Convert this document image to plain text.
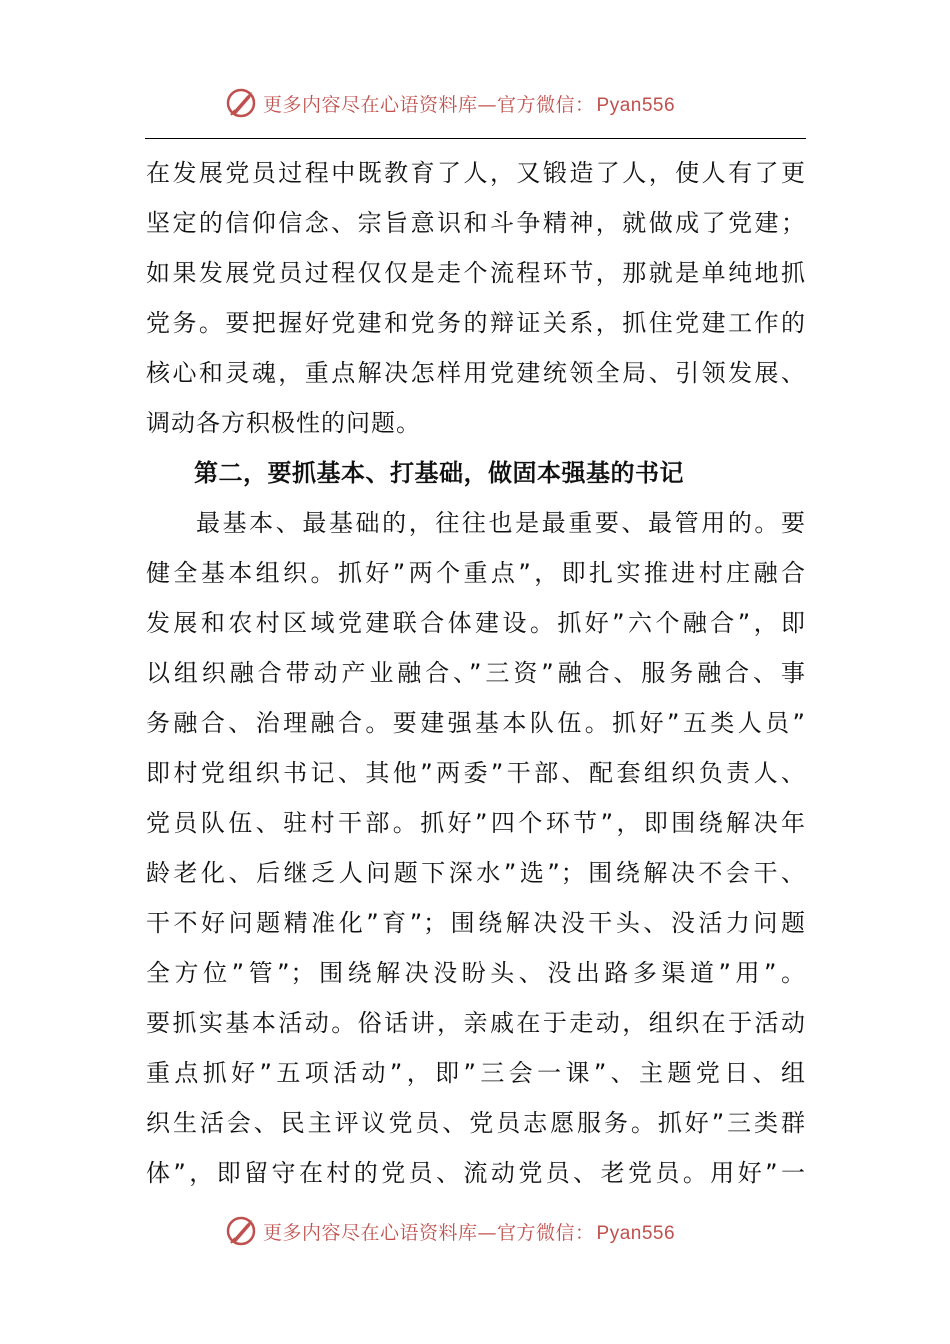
更多内容尽在心语资料库—官方微信： Pyan556
在发展党员过程中既教育了人，又锻造了人，使人有了更
坚定的信仰信念、宗旨意识和斗争精神，就做成了党建；
如果发展党员过程仅仅是走个流程环节，那就是单纯地抓
党务。要把握好党建和党务的辩证关系，抓住党建工作的
核心和灵魂，重点解决怎样用党建统领全局、引领发展、
调动各方积极性的问题。
第二，要抓基本、打基础，做固本强基的书记
最基本、最基础的，往往也是最重要、最管用的。要
健全基本组织。抓好”两个重点”，即扎实推进村庄融合
发展和农村区域党建联合体建设。抓好”六个融合”，即
以组织融合带动产业融合、”三资”融合、服务融合、事
务融合、治理融合。要建强基本队伍。抓好”五类人员”
即村党组织书记、其他”两委”干部、配套组织负责人、
党员队伍、驻村干部。抓好”四个环节”，即围绕解决年
龄老化、后继乏人问题下深水”选”；围绕解决不会干、
干不好问题精准化”育”；围绕解决没干头、没活力问题
全方位”管”；围绕解决没盼头、没出路多渠道”用”。
要抓实基本活动。俗话讲，亲戚在于走动，组织在于活动
重点抓好”五项活动”，即”三会一课”、主题党日、组
织生活会、民主评议党员、党员志愿服务。抓好”三类群
体”，即留守在村的党员、流动党员、老党员。用好”一
更多内容尽在心语资料库—官方微信： Pyan556
